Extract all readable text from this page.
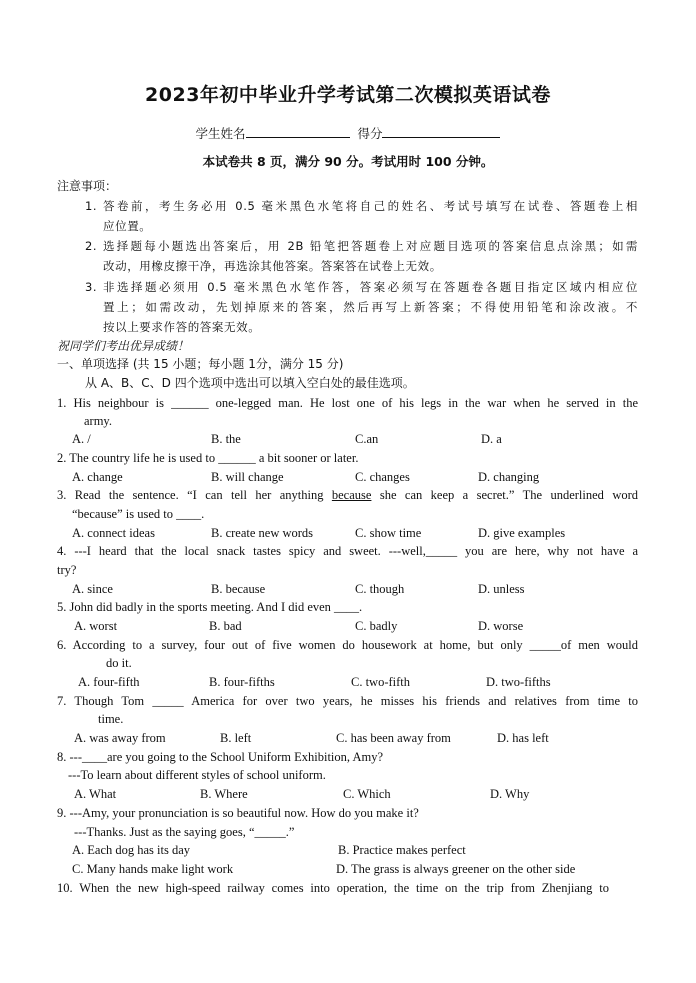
2023年初中毕业升学考试第二次模拟英语试卷
学生姓名	得分
本试卷共 8 页，满分 90 分。考试用时 100 分钟。
注意事项：
1. 答卷前，考生务必用 0.5 毫米黑色水笔将自己的姓名、考试号填写在试卷、答题卷上相
应位置。
2. 选择题每小题选出答案后，用 2B 铅笔把答题卷上对应题目选项的答案信息点涂黑；如需
改动，用橡皮擦干净，再选涂其他答案。答案答在试卷上无效。
3. 非选择题必须用 0.5 毫米黑色水笔作答，答案必须写在答题卷各题目指定区域内相应位
置上；如需改动，先划掉原来的答案，然后再写上新答案；不得使用铅笔和涂改液。不
按以上要求作答的答案无效。
祝同学们考出优异成绩！
一、单项选择 (共 15 小题；每小题 1分，满分 15 分)
从 A、B、C、D 四个选项中选出可以填入空白处的最佳选项。
1. His neighbour is ______ one-legged man. He lost one of his legs in the war when he served in the
army.
A. /	B. the	C.an	D. a
2. The country life he is used to ______ a bit sooner or later.
A. change	B. will change	C. changes	D. changing
3. Read the sentence. “I can tell her anything because she can keep a secret.” The underlined word
“because” is used to ____.
A. connect ideas	B. create new words	C. show time	D. give examples
4. ---I heard that the local snack tastes spicy and sweet. ---well,_____ you are here, why not have a
try?
A. since	B. because	C. though	D. unless
5. John did badly in the sports meeting. And I did even ____.
A. worst	B. bad	C. badly	D. worse
6. According to a survey, four out of five women do housework at home, but only _____of men would
do it.
A. four-fifth	B. four-fifths	C. two-fifth	D. two-fifths
7. Though Tom _____ America for over two years, he misses his friends and relatives from time to
time.
A. was away from	B. left	C. has been away from	D. has left
8. ---____are you going to the School Uniform Exhibition, Amy?
---To learn about different styles of school uniform.
A. What	B. Where	C. Which	D. Why
9. ---Amy, your pronunciation is so beautiful now. How do you make it?
---Thanks. Just as the saying goes, “_____.”
A. Each dog has its day	B. Practice makes perfect
C. Many hands make light work	D. The grass is always greener on the other side
10. When the new high-speed railway comes into operation, the time on the trip from Zhenjiang to
